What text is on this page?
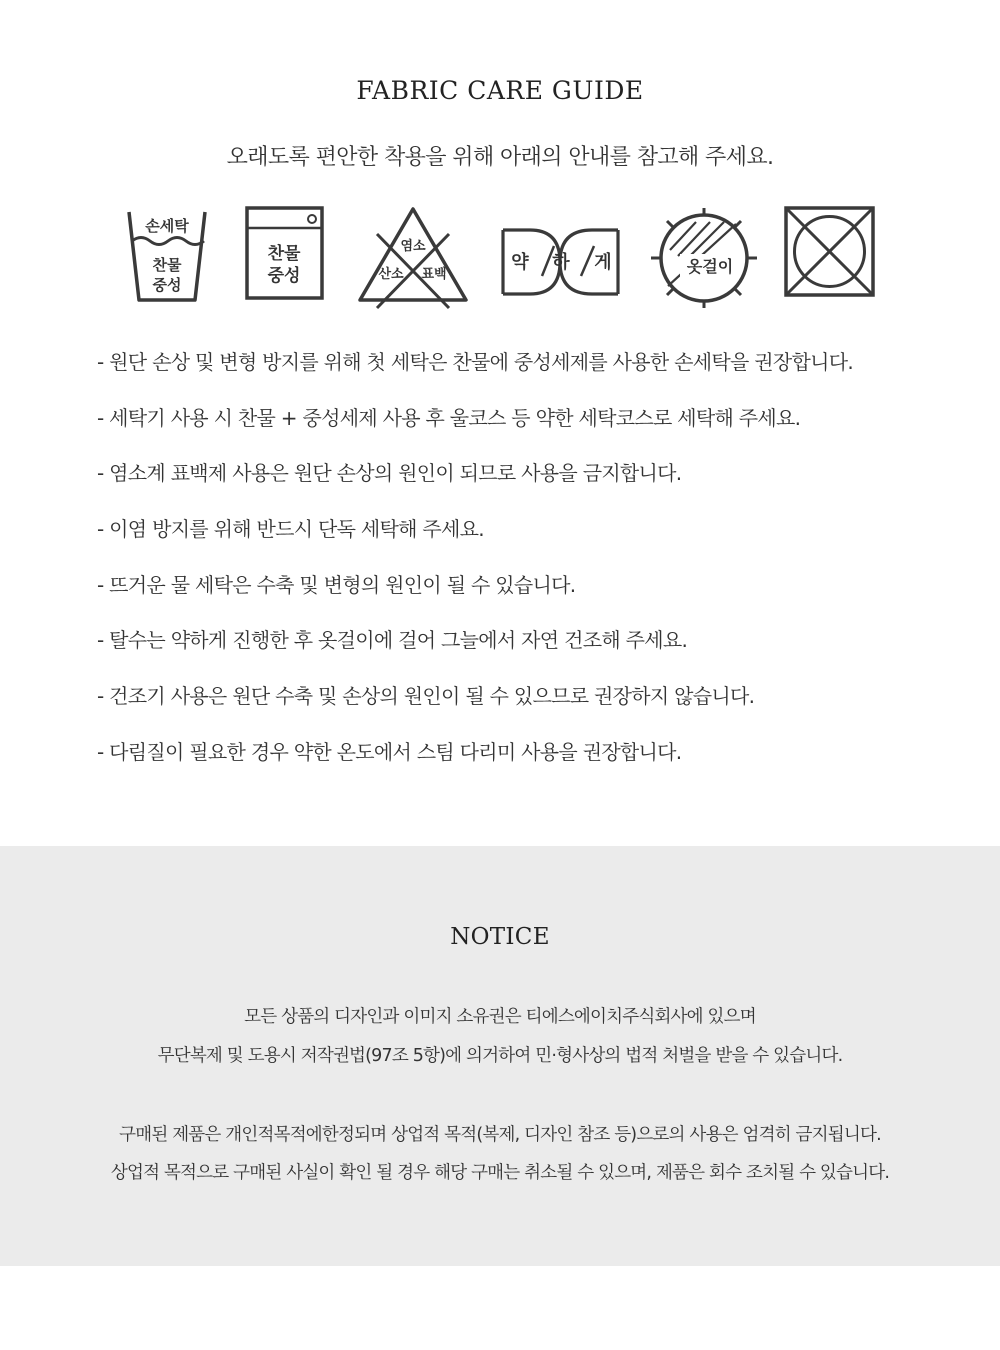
FABRIC CARE GUIDE
오래도록 편안한 착용을 위해 아래의 안내를 참고해 주세요.
손세탁
찬물
중성
찬물
중성
염소
산소 표백
약 하 게	옷걸이
- 원단 손상 및 변형 방지를 위해 첫 세탁은 찬물에 중성세제를 사용한 손세탁을 권장합니다.
- 세탁기 사용 시 찬물 + 중성세제 사용 후 울코스 등 약한 세탁코스로 세탁해 주세요.
- 염소계 표백제 사용은 원단 손상의 원인이 되므로 사용을 금지합니다.
- 이염 방지를 위해 반드시 단독 세탁해 주세요.
- 뜨거운 물 세탁은 수축 및 변형의 원인이 될 수 있습니다.
- 탈수는 약하게 진행한 후 옷걸이에 걸어 그늘에서 자연 건조해 주세요.
- 건조기 사용은 원단 수축 및 손상의 원인이 될 수 있으므로 권장하지 않습니다.
- 다림질이 필요한 경우 약한 온도에서 스팀 다리미 사용을 권장합니다.
NOTICE
모든 상품의 디자인과 이미지 소유권은 티에스에이치주식회사에 있으며
무단복제 및 도용시 저작권법(97조 5항)에 의거하여 민·형사상의 법적 처벌을 받을 수 있습니다.
구매된 제품은 개인적목적에한정되며 상업적 목적(복제, 디자인 참조 등)으로의 사용은 엄격히 금지됩니다.
상업적 목적으로 구매된 사실이 확인 될 경우 해당 구매는 취소될 수 있으며, 제품은 회수 조치될 수 있습니다.
